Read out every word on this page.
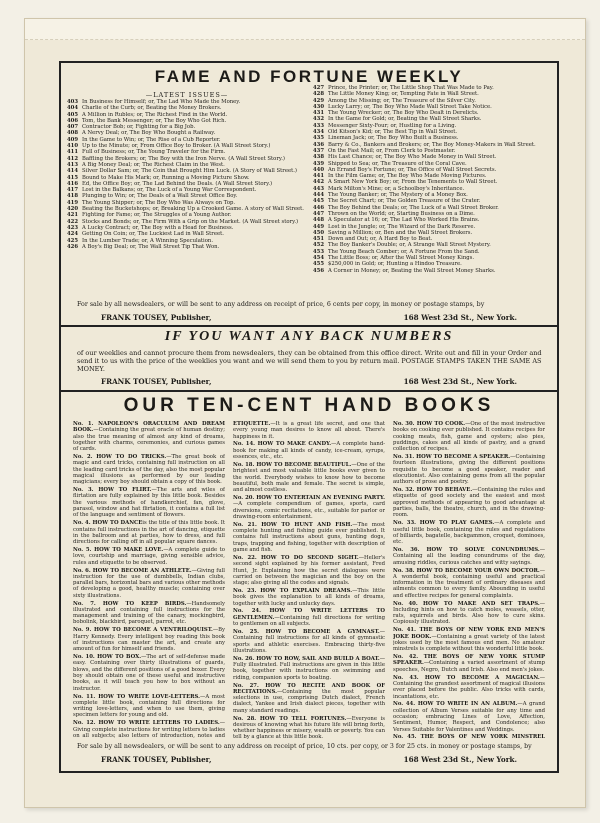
FAME AND FORTUNE WEEKLY
—LATEST ISSUES—
403 In Business for Himself; or, The Lad Who Made the Money.
404 Charlie of the Curb; or, Beating the Money Brokers.
405 A Million in Rubles; or, The Richest Find in the World.
406 Tom, the Bank Messenger; or, The Boy Who Got Rich.
407 Contractor Bob; or, Fighting for a Big Job.
408 A Nervy Deal; or, The Boy Who Bought a Railway.
409 In the Game to Win; or, The Rise of a Cub Reporter.
410 Up to the Minute; or, From Office Boy to Broker. (A Wall Street Story.)
411 Full of Business; or, The Young Traveler for the Firm.
412 Baffling the Brokers; or, The Boy with the Iron Nerve. (A Wall Street Story.)
413 A Big Money Deal; or, The Richest Claim in the West.
414 Silver Dollar Sam; or, The Coin that Brought Him Luck. (A Story of Wall Street.)
415 Bound to Make His Mark; or, Running a Moving Picture Show.
416 Ed, the Office Boy; or, The Lad Behind the Deals. (A Wall Street Story.)
417 Lost in the Balkans; or, The Luck of a Young War Correspondent.
418 Plunging to Win; or, The Deals of a Wall Street Office Boy.
419 The Young Shipper; or, The Boy Who Was Always on Top.
420 Beating the Bucketshops; or, Breaking Up a Crooked Game. A story of Wall Street.
421 Fighting for Fame; or, The Struggles of a Young Author.
422 Stocks and Bonds; or, The Firm With a Grip on the Market. (A Wall Street story.)
423 A Lucky Contract; or, The Boy with a Head for Business.
424 Getting On Coin; or, The Luckiest Lad in Wall Street.
425 In the Lumber Trade; or, A Winning Speculation.
426 A Boy's Big Deal; or, The Wall Street Tip That Won.
427 Prince, the Printer; or, The Little Shop That Was Made to Pay.
428 The Little Money King; or, Tempting Fate in Wall Street.
429 Among the Missing; or, The Treasure of the Silver City.
430 Lucky Larry; or, The Boy Who Made Wall Street Take Notice.
431 The Young Wrecker; or, The Boy Who Dealt in Derelicts.
432 In the Game for Gold; or, Beating the Wall Street Sharks.
433 Messenger Sixty-Four; or, Hustling for a Living.
434 Old Kitson's Kid; or, The Best Tip in Wall Street.
435 Lineman Jack; or, The Boy Who Built a Business.
436 Barry & Co., Bankers and Brokers; or, The Boy Money-Makers in Wall Street.
437 On the Fast Mail; or, From Clerk to Postmaster.
438 His Last Chance; or, The Boy Who Made Money in Wall Street.
439 Shipped to Sea; or, The Treasure of the Coral Cave.
440 An Errand Boy's Fortune; or, The Office of Wall Street Secrets.
441 In the Film Game; or, The Boy Who Made Moving Pictures.
442 A Smart New York Boy; or, From the Tenements to Wall Street.
443 Mark Milton's Mine; or, a Schoolboy's Inheritance.
444 The Young Banker; or, The Mystery of a Money Box.
445 The Secret Chart; or, The Golden Treasure of the Crater.
446 The Boy Behind the Deals; or, The Luck of a Wall Street Broker.
447 Thrown on the World; or, Starting Business on a Dime.
448 A Speculator at 16; or, The Lad Who Worked His Brains.
449 Lost in the Jungle; or, The Wizard of the Dark Reserve.
450 Saving a Million; or, Ben and the Wall Street Brokers.
451 Down and Out; or, A Hard Boy to Beat.
452 The Boy Banker's Double; or, A Strange Wall Street Mystery.
453 The Young Beach Comber; or, A Fortune From the Sand.
454 The Little Boss; or, After the Wall Street Money Kings.
455 $250,000 in Gold; or, Hunting a Hindoo Treasure.
456 A Corner in Money; or, Beating the Wall Street Money Sharks.
For sale by all newsdealers, or will be sent to any address on receipt of price, 6 cents per copy, in money or postage stamps, by
FRANK TOUSEY, Publisher,	168 West 23d St., New York.
IF YOU WANT ANY BACK NUMBERS
of our weeklies and cannot procure them from newsdealers, they can be obtained from this office direct. Write out and fill in your Order and send it to us with the price of the weeklies you want and we will send them to you by return mail. POSTAGE STAMPS TAKEN THE SAME AS MONEY.
FRANK TOUSEY, Publisher,	168 West 23d St., New York.
OUR TEN-CENT HAND BOOKS
No. 1. NAPOLEON'S ORACULUM AND DREAM BOOK.—Containing the great oracle of human destiny; also the true meaning of almost any kind of dreams, together with charms, ceremonies, and curious games of cards.
No. 2. HOW TO DO TRICKS.—The great book of magic and card tricks, containing full instruction on all the leading card tricks of the day, also the most popular magical illusions as performed by our leading magicians; every boy should obtain a copy of this book.
No. 3. HOW TO FLIRT.—The arts and wiles of flirtation are fully explained by this little book. Besides the various methods of handkerchief, fan, glove, parasol, window and hat flirtation, it contains a full list of the language and sentiment of flowers.
No. 4. HOW TO DANCEis the title of this little book. It contains full instructions in the art of dancing, etiquette in the ballroom and at parties, how to dress, and full directions for calling off in all popular square dances.
No. 5. HOW TO MAKE LOVE.—A complete guide to love, courtship and marriage, giving sensible advice, rules and etiquette to be observed.
No. 6. HOW TO BECOME AN ATHLETE.—Giving full instruction for the use of dumbbells, Indian clubs, parallel bars, horizontal bars and various other methods of developing a good, healthy muscle; containing over sixty illustrations.
No. 7. HOW TO KEEP BIRDS.—Handsomely illustrated and containing full instructions for the management and training of the canary, mockingbird, bobolink, blackbird, paroquet, parrot, etc.
No. 9. HOW TO BECOME A VENTRILOQUIST.—By Harry Kennedy. Every intelligent boy reading this book of instructions can master the art, and create any amount of fun for himself and friends.
No. 10. HOW TO BOX.—The art of self-defense made easy. Containing over thirty illustrations of guards, blows, and the different positions of a good boxer. Every boy should obtain one of these useful and instructive books, as it will teach you how to box without an instructor.
No. 11. HOW TO WRITE LOVE-LETTERS.—A most complete little book, containing full directions for writing love-letters, and when to use them, giving specimen letters for young and old.
No. 12. HOW TO WRITE LETTERS TO LADIES.—Giving complete instructions for writing letters to ladies on all subjects; also letters of introduction, notes and
ETIQUETTE.—It is a great life secret, and one that every young man desires to know all about. There's happiness in it.
No. 14. HOW TO MAKE CANDY.—A complete hand-book for making all kinds of candy, ice-cream, syrups, essences, etc., etc.
No. 18. HOW TO BECOME BEAUTIFUL.—One of the brightest and most valuable little books ever given to the world. Everybody wishes to know how to become beautiful, both male and female. The secret is simple, and almost costless.
No. 20. HOW TO ENTERTAIN AN EVENING PARTY.—A complete compendium of games, sports, card diversions, comic recitations, etc., suitable for parlor or drawing-room entertainment.
No. 21. HOW TO HUNT AND FISH.—The most complete hunting and fishing guide ever published. It contains full instructions about guns, hunting dogs, traps, trapping and fishing, together with description of game and fish.
No. 22. HOW TO DO SECOND SIGHT.—Heller's second sight explained by his former assistant, Fred Hunt, Jr. Explaining how the secret dialogues were carried on between the magician and the boy on the stage; also giving all the codes and signals.
No. 23. HOW TO EXPLAIN DREAMS.—This little book gives the explanation to all kinds of dreams, together with lucky and unlucky days.
No. 24. HOW TO WRITE LETTERS TO GENTLEMEN.—Containing full directions for writing to gentlemen on all subjects.
No. 25. HOW TO BECOME A GYMNAST.—Containing full instructions for all kinds of gymnastic sports and athletic exercises. Embracing thirty-five illustrations.
No. 26. HOW TO ROW, SAIL AND BUILD A BOAT.—Fully illustrated. Full instructions are given in this little book, together with instructions on swimming and riding, companion sports to boating.
No. 27. HOW TO RECITE AND BOOK OF RECITATIONS.—Containing the most popular selections in use, comprising Dutch dialect, French dialect, Yankee and Irish dialect pieces, together with many standard readings.
No. 28. HOW TO TELL FORTUNES.—Everyone is desirous of knowing what his future life will bring forth, whether happiness or misery, wealth or poverty. You can tell by a glance at this little book.
No. 30. HOW TO COOK.—One of the most instructive books on cooking ever published. It contains recipes for cooking meats, fish, game and oysters; also pies, puddings, cakes and all kinds of pastry, and a grand collection of recipes.
No. 31. HOW TO BECOME A SPEAKER.—Containing fourteen illustrations, giving the different positions requisite to become a good speaker, reader and elocutionist. Also containing gems from all the popular authors of prose and poetry.
No. 32. HOW TO BEHAVE.—Containing the rules and etiquette of good society and the easiest and most approved methods of appearing to good advantage at parties, balls, the theatre, church, and in the drawing-room.
No. 33. HOW TO PLAY GAMES.—A complete and useful little book, containing the rules and regulations of billiards, bagatelle, backgammon, croquet, dominoes, etc.
No. 36. HOW TO SOLVE CONUNDRUMS.—Containing all the leading conundrums of the day, amusing riddles, curious catches and witty sayings.
No. 38. HOW TO BECOME YOUR OWN DOCTOR.—A wonderful book, containing useful and practical information in the treatment of ordinary diseases and ailments common to every family. Abounding in useful and effective recipes for general complaints.
No. 40. HOW TO MAKE AND SET TRAPS.—Including hints on how to catch moles, weasels, otter, rats, squirrels and birds. Also how to cure skins. Copiously illustrated.
No. 41. THE BOYS OF NEW YORK END MEN'S JOKE BOOK.—Containing a great variety of the latest jokes used by the most famous end men. No amateur minstrels is complete without this wonderful little book.
No. 42. THE BOYS OF NEW YORK STUMP SPEAKER.—Containing a varied assortment of stump speeches, Negro, Dutch and Irish. Also end men's jokes.
No. 43. HOW TO BECOME A MAGICIAN.—Containing the grandest assortment of magical illusions ever placed before the public. Also tricks with cards, incantations, etc.
No. 44. HOW TO WRITE IN AN ALBUM.—A grand collection of Album Verses suitable for any time and occasion; embracing Lines of Love, Affection, Sentiment, Humor, Respect, and Condolence; also Verses Suitable for Valentines and Weddings.
No. 45. THE BOYS OF NEW YORK MINSTREL
For sale by all newsdealers, or will be sent to any address on receipt of price, 10 cts. per copy, or 3 for 25 cts. in money or postage stamps, by
FRANK TOUSEY, Publisher,	168 West 23d St., New York.
